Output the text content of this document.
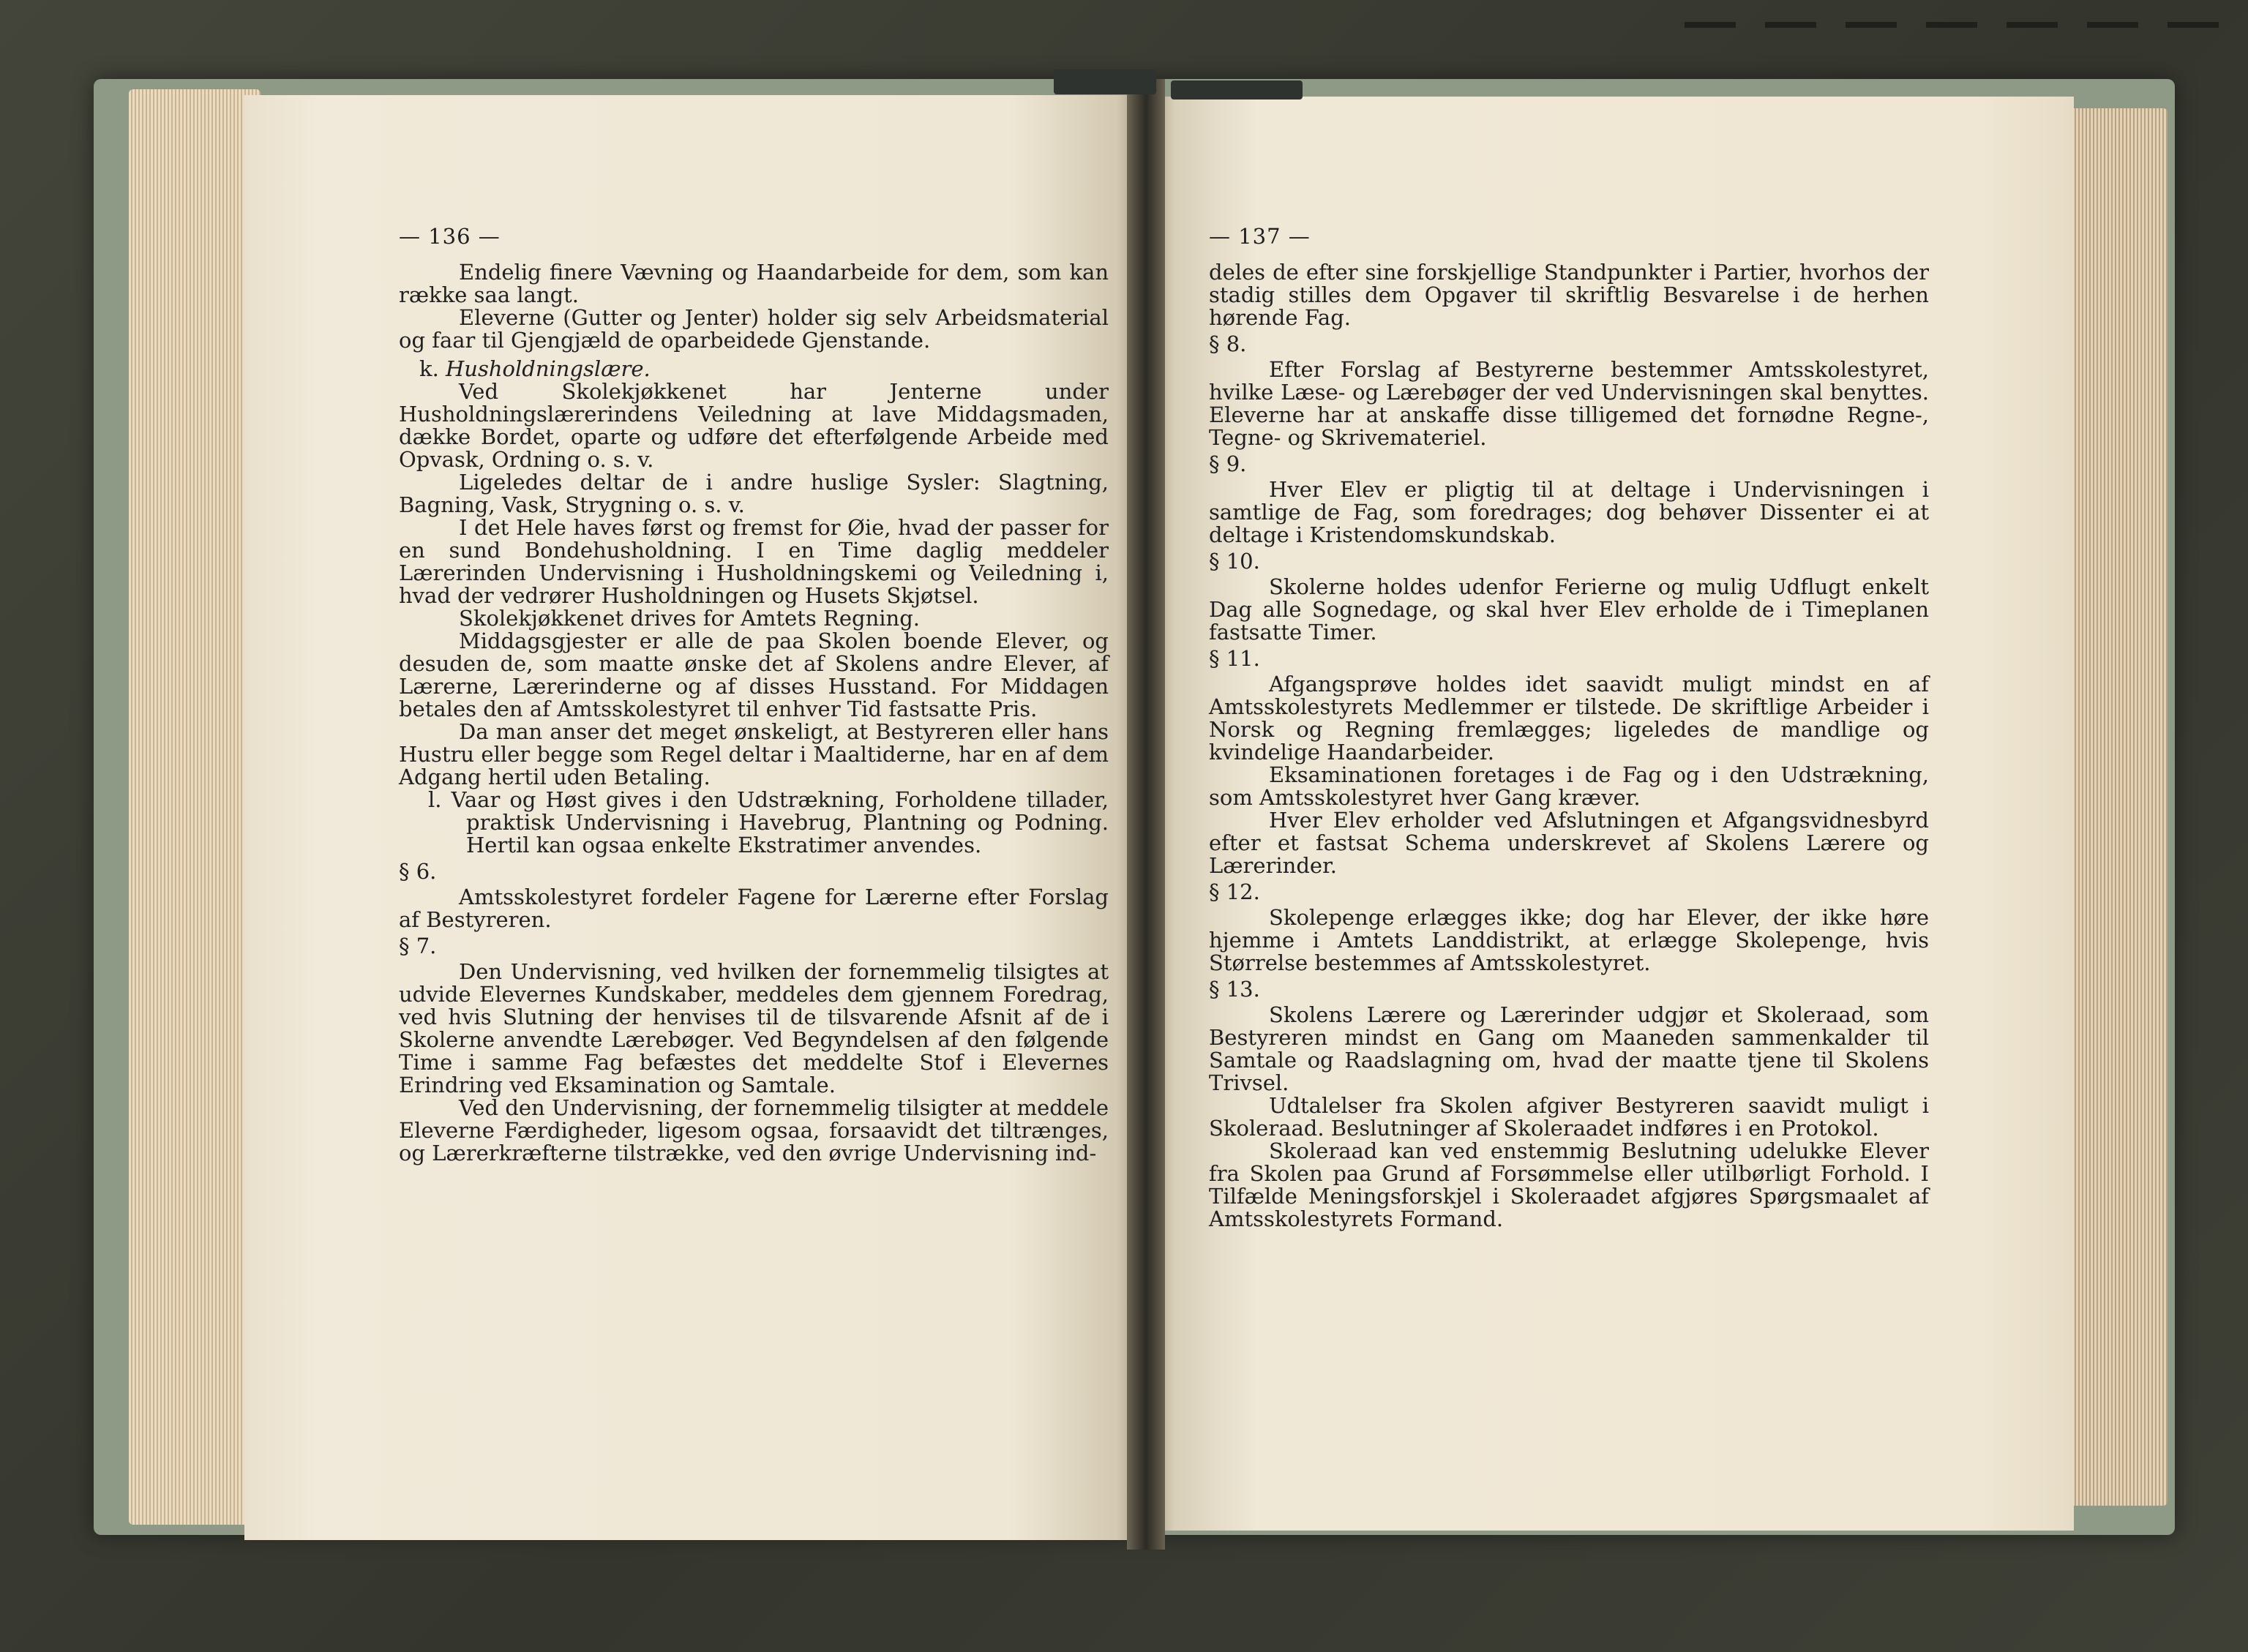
— 136 —

Endelig finere Vævning og Haandarbeide for dem, som kan række saa langt.

Eleverne (Gutter og Jenter) holder sig selv Arbeidsmaterial og faar til Gjengjæld de oparbeidede Gjenstande.

k. Husholdningslære.

Ved Skolekjøkkenet har Jenterne under Husholdningslærerindens Veiledning at lave Middagsmaden, dække Bordet, oparte og udføre det efterfølgende Arbeide med Opvask, Ordning o. s. v.

Ligeledes deltar de i andre huslige Sysler: Slagtning, Bagning, Vask, Strygning o. s. v.

I det Hele haves først og fremst for Øie, hvad der passer for en sund Bondehusholdning. I en Time daglig meddeler Lærerinden Undervisning i Husholdningskemi og Veiledning i, hvad der vedrører Husholdningen og Husets Skjøtsel.

Skolekjøkkenet drives for Amtets Regning.

Middagsgjester er alle de paa Skolen boende Elever, og desuden de, som maatte ønske det af Skolens andre Elever, af Lærerne, Lærerinderne og af disses Husstand. For Middagen betales den af Amtsskolestyret til enhver Tid fastsatte Pris.

Da man anser det meget ønskeligt, at Bestyreren eller hans Hustru eller begge som Regel deltar i Maaltiderne, har en af dem Adgang hertil uden Betaling.

l. Vaar og Høst gives i den Udstrækning, Forholdene tillader, praktisk Undervisning i Havebrug, Plantning og Podning. Hertil kan ogsaa enkelte Ekstratimer anvendes.

§ 6.

Amtsskolestyret fordeler Fagene for Lærerne efter Forslag af Bestyreren.

§ 7.

Den Undervisning, ved hvilken der fornemmelig tilsigtes at udvide Elevernes Kundskaber, meddeles dem gjennem Foredrag, ved hvis Slutning der henvises til de tilsvarende Afsnit af de i Skolerne anvendte Lærebøger. Ved Begyndelsen af den følgende Time i samme Fag befæstes det meddelte Stof i Elevernes Erindring ved Eksamination og Samtale.

Ved den Undervisning, der fornemmelig tilsigter at meddele Eleverne Færdigheder, ligesom ogsaa, forsaavidt det tiltrænges, og Lærerkræfterne tilstrække, ved den øvrige Undervisning ind-

— 137 —

deles de efter sine forskjellige Standpunkter i Partier, hvorhos der stadig stilles dem Opgaver til skriftlig Besvarelse i de herhen hørende Fag.

§ 8.

Efter Forslag af Bestyrerne bestemmer Amtsskolestyret, hvilke Læse- og Lærebøger der ved Undervisningen skal benyttes. Eleverne har at anskaffe disse tilligemed det fornødne Regne-, Tegne- og Skrivemateriel.

§ 9.

Hver Elev er pligtig til at deltage i Undervisningen i samtlige de Fag, som foredrages; dog behøver Dissenter ei at deltage i Kristendomskundskab.

§ 10.

Skolerne holdes udenfor Ferierne og mulig Udflugt enkelt Dag alle Sognedage, og skal hver Elev erholde de i Timeplanen fastsatte Timer.

§ 11.

Afgangsprøve holdes idet saavidt muligt mindst en af Amtsskolestyrets Medlemmer er tilstede. De skriftlige Arbeider i Norsk og Regning fremlægges; ligeledes de mandlige og kvindelige Haandarbeider.

Eksaminationen foretages i de Fag og i den Udstrækning, som Amtsskolestyret hver Gang kræver.

Hver Elev erholder ved Afslutningen et Afgangsvidnesbyrd efter et fastsat Schema underskrevet af Skolens Lærere og Lærerinder.

§ 12.

Skolepenge erlægges ikke; dog har Elever, der ikke høre hjemme i Amtets Landdistrikt, at erlægge Skolepenge, hvis Størrelse bestemmes af Amtsskolestyret.

§ 13.

Skolens Lærere og Lærerinder udgjør et Skoleraad, som Bestyreren mindst en Gang om Maaneden sammenkalder til Samtale og Raadslagning om, hvad der maatte tjene til Skolens Trivsel.

Udtalelser fra Skolen afgiver Bestyreren saavidt muligt i Skoleraad. Beslutninger af Skoleraadet indføres i en Protokol.

Skoleraad kan ved enstemmig Beslutning udelukke Elever fra Skolen paa Grund af Forsømmelse eller utilbørligt Forhold. I Tilfælde Meningsforskjel i Skoleraadet afgjøres Spørgsmaalet af Amtsskolestyrets Formand.
